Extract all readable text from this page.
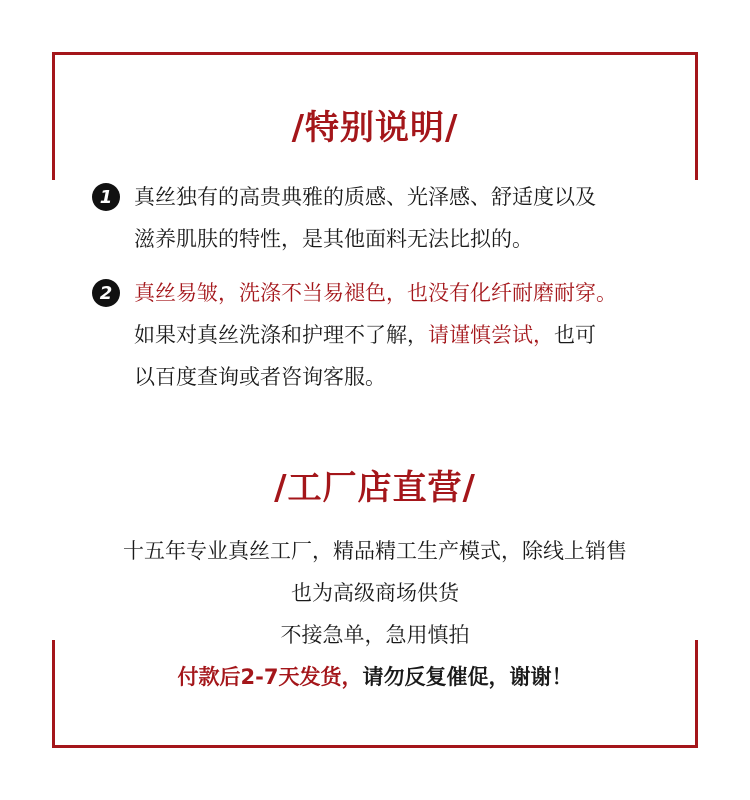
/特别说明/
1	真丝独有的高贵典雅的质感、光泽感、舒适度以及
滋养肌肤的特性，是其他面料无法比拟的。
2	真丝易皱，洗涤不当易褪色，也没有化纤耐磨耐穿。
如果对真丝洗涤和护理不了解，请谨慎尝试，也可
以百度查询或者咨询客服。
/工厂店直营/
十五年专业真丝工厂，精品精工生产模式，除线上销售
也为高级商场供货
不接急单，急用慎拍
付款后2-7天发货，请勿反复催促，谢谢！
